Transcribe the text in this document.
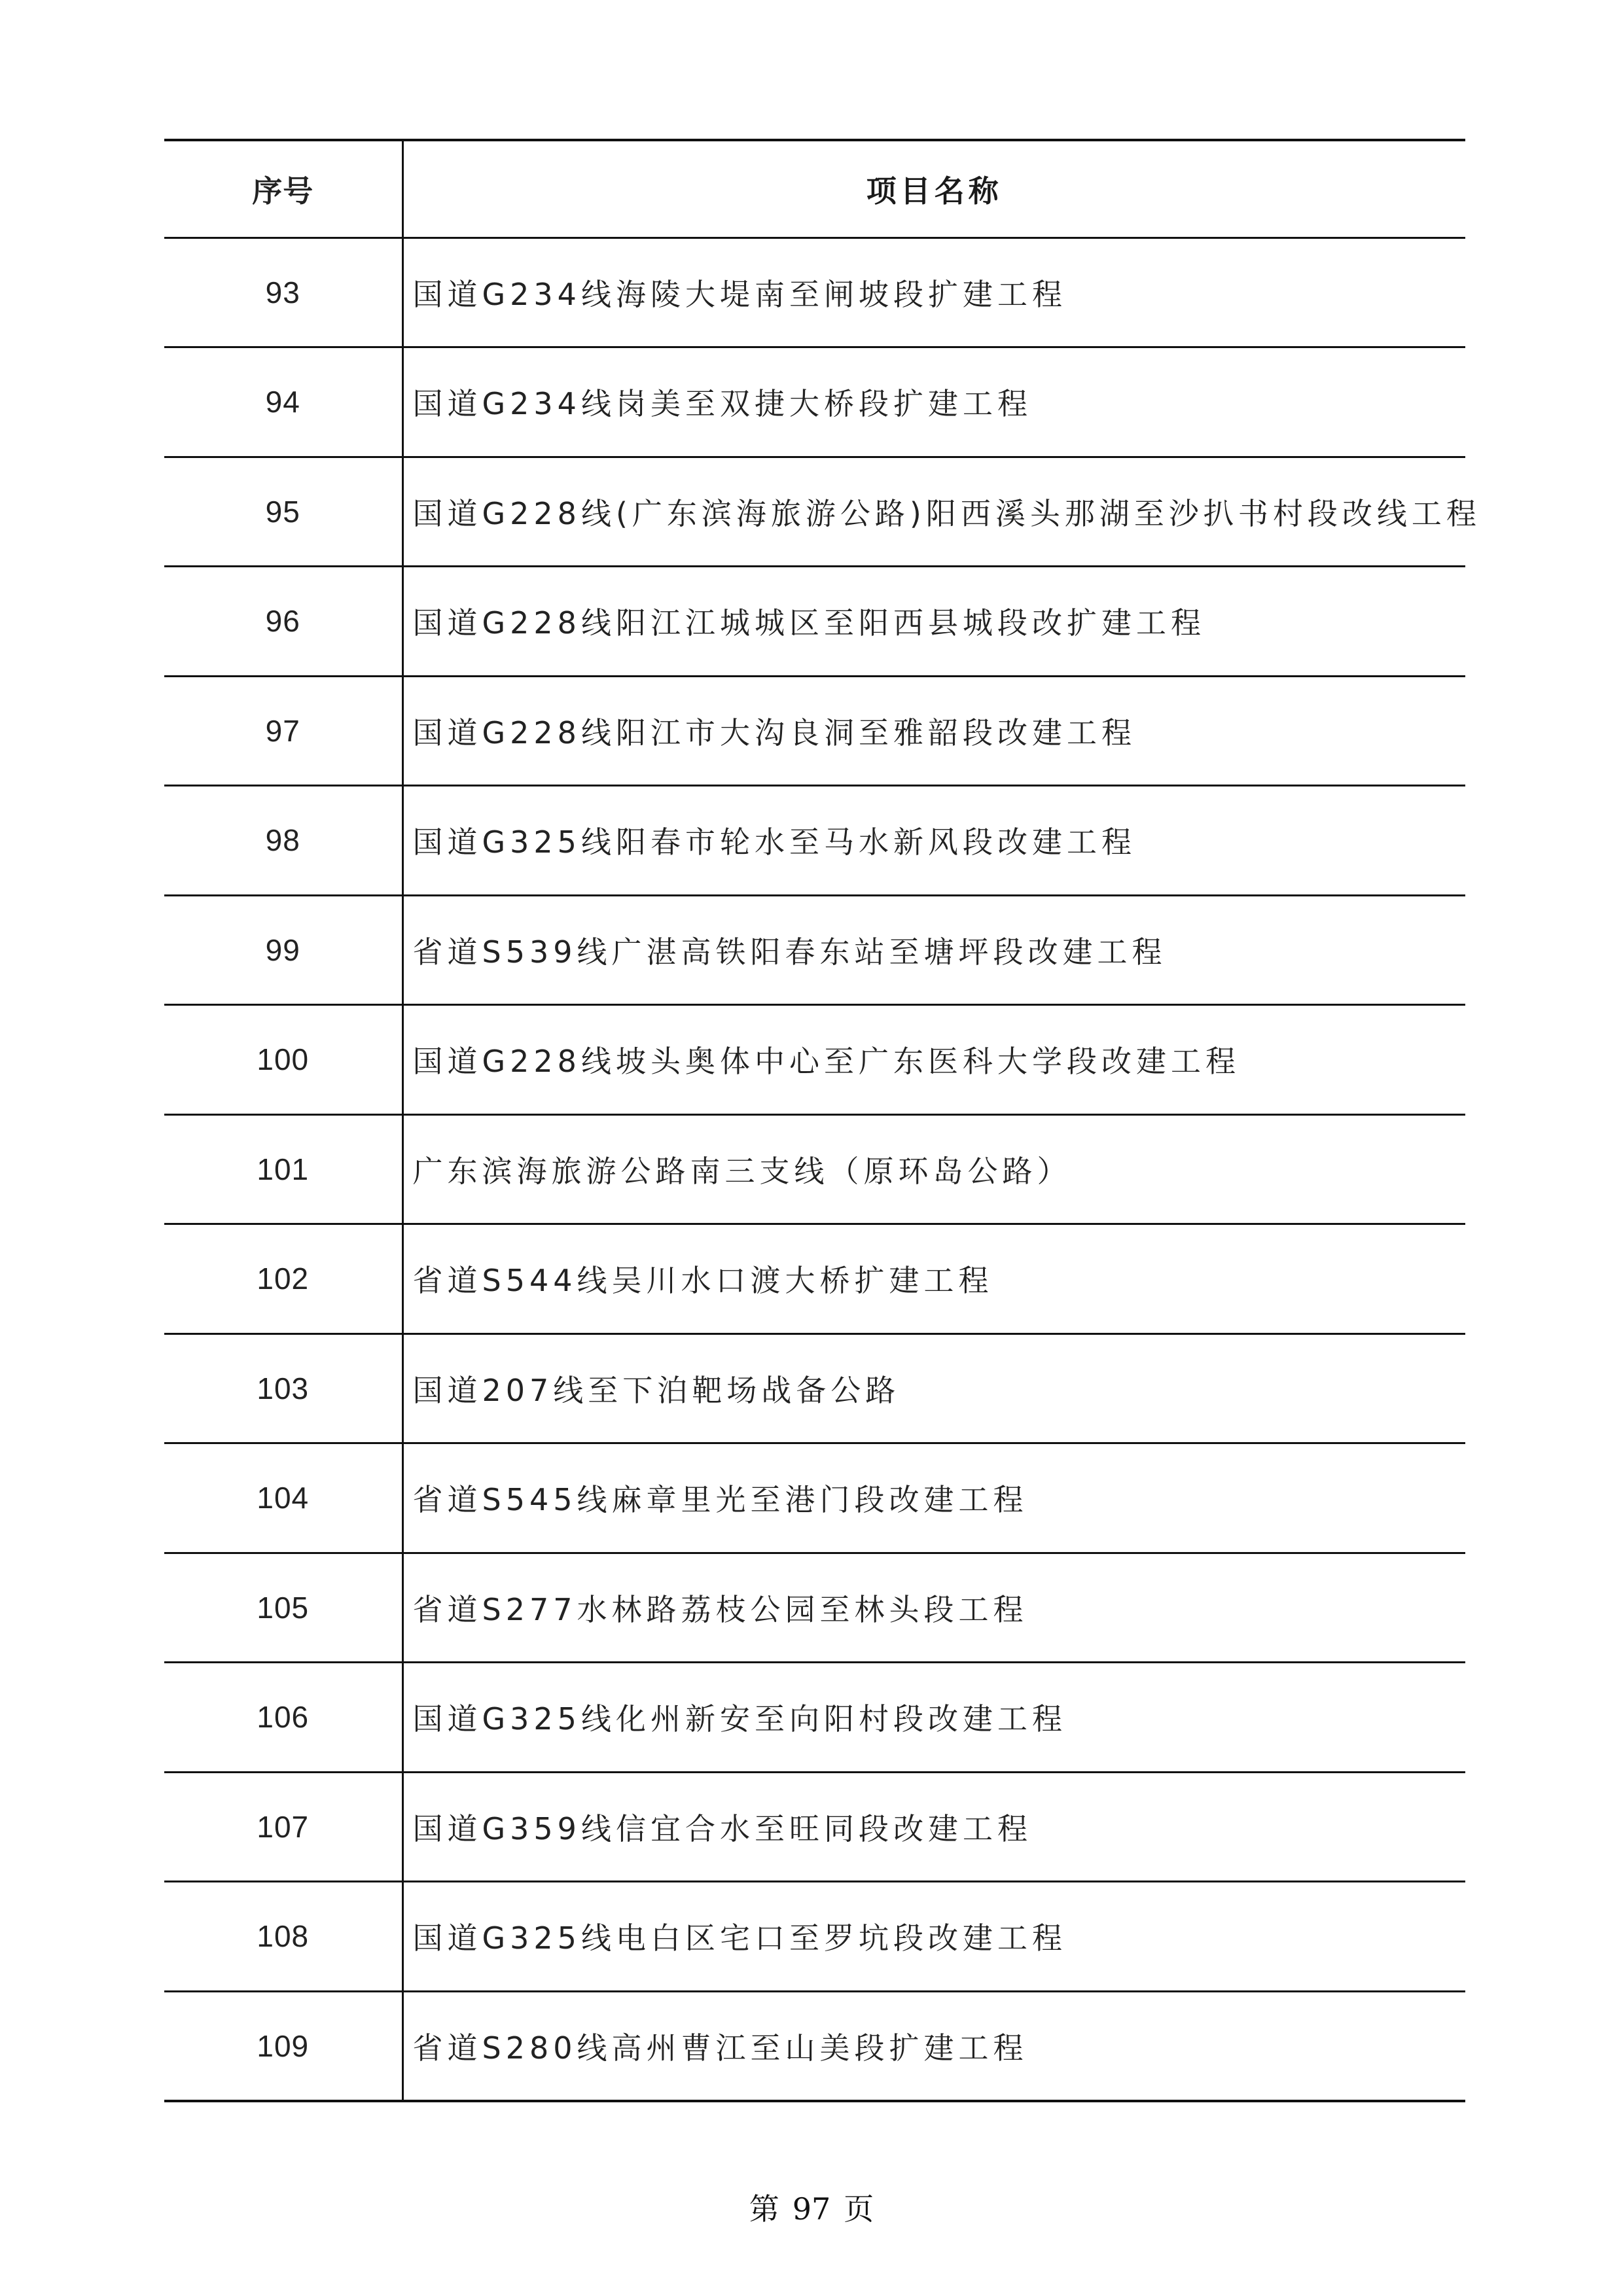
序号	项目名称
93	国道G234线海陵大堤南至闸坡段扩建工程
94	国道G234线岗美至双捷大桥段扩建工程
95	国道G228线(广东滨海旅游公路)阳西溪头那湖至沙扒书村段改线工程
96	国道G228线阳江江城城区至阳西县城段改扩建工程
97	国道G228线阳江市大沟良洞至雅韶段改建工程
98	国道G325线阳春市轮水至马水新风段改建工程
99	省道S539线广湛高铁阳春东站至塘坪段改建工程
100	国道G228线坡头奥体中心至广东医科大学段改建工程
101	广东滨海旅游公路南三支线（原环岛公路）
102	省道S544线吴川水口渡大桥扩建工程
103	国道207线至下泊靶场战备公路
104	省道S545线麻章里光至港门段改建工程
105	省道S277水林路荔枝公园至林头段工程
106	国道G325线化州新安至向阳村段改建工程
107	国道G359线信宜合水至旺同段改建工程
108	国道G325线电白区宅口至罗坑段改建工程
109	省道S280线高州曹江至山美段扩建工程
第 97 页
